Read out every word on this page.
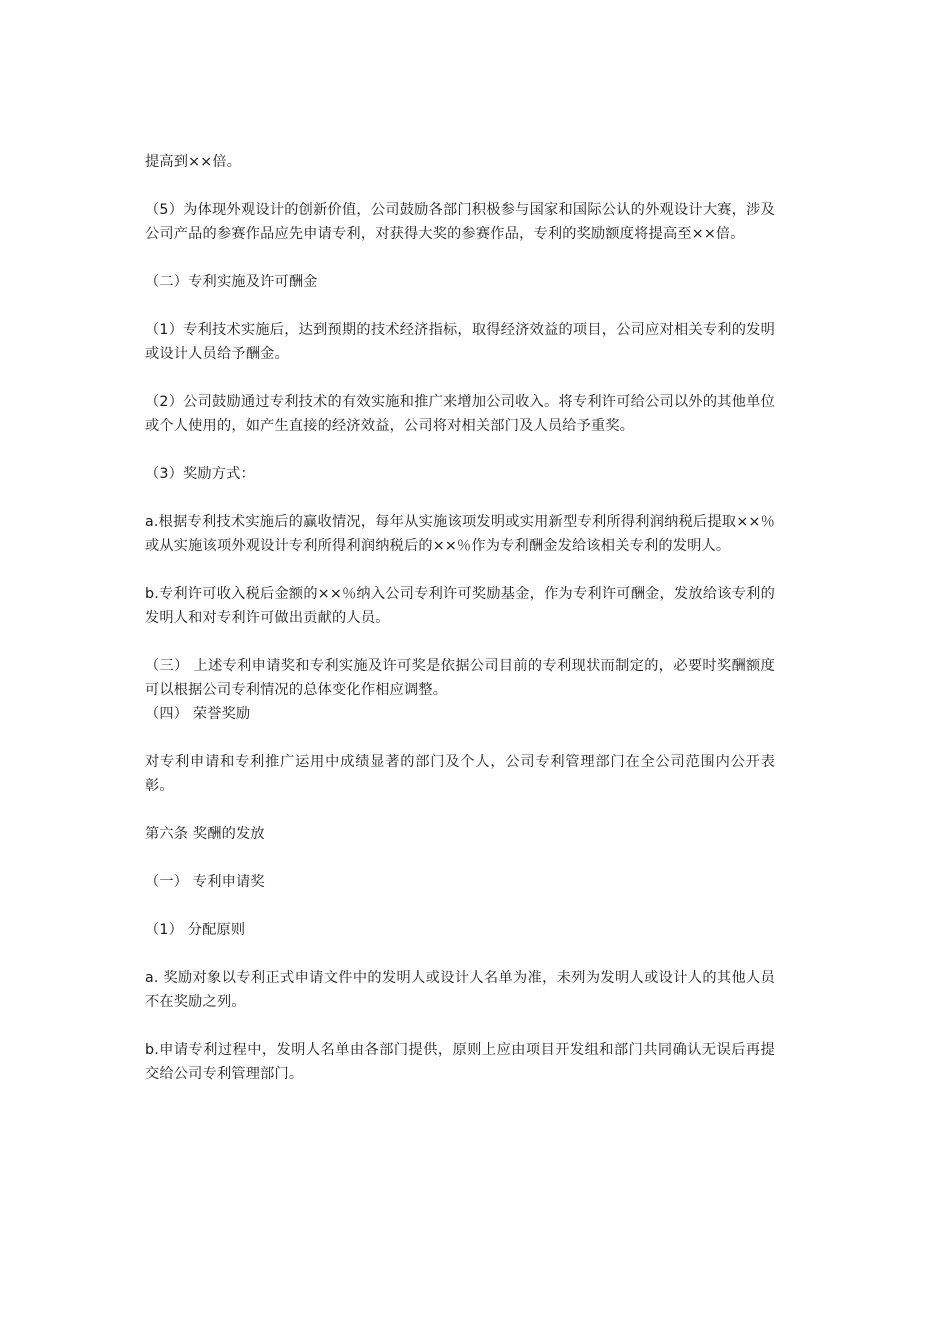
提高到××倍。

（5）为体现外观设计的创新价值，公司鼓励各部门积极参与国家和国际公认的外观设计大赛，涉及公司产品的参赛作品应先申请专利，对获得大奖的参赛作品，专利的奖励额度将提高至××倍。

（二）专利实施及许可酬金

（1）专利技术实施后，达到预期的技术经济指标，取得经济效益的项目，公司应对相关专利的发明或设计人员给予酬金。

（2）公司鼓励通过专利技术的有效实施和推广来增加公司收入。将专利许可给公司以外的其他单位或个人使用的，如产生直接的经济效益，公司将对相关部门及人员给予重奖。

（3）奖励方式：

a.根据专利技术实施后的赢收情况，每年从实施该项发明或实用新型专利所得利润纳税后提取××％或从实施该项外观设计专利所得利润纳税后的××％作为专利酬金发给该相关专利的发明人。

b.专利许可收入税后金额的××％纳入公司专利许可奖励基金，作为专利许可酬金，发放给该专利的发明人和对专利许可做出贡献的人员。

（三） 上述专利申请奖和专利实施及许可奖是依据公司目前的专利现状而制定的，必要时奖酬额度可以根据公司专利情况的总体变化作相应调整。

（四） 荣誉奖励

对专利申请和专利推广运用中成绩显著的部门及个人，公司专利管理部门在全公司范围内公开表彰。

第六条 奖酬的发放

（一） 专利申请奖

（1） 分配原则

a. 奖励对象以专利正式申请文件中的发明人或设计人名单为准，未列为发明人或设计人的其他人员不在奖励之列。

b.申请专利过程中，发明人名单由各部门提供，原则上应由项目开发组和部门共同确认无误后再提交给公司专利管理部门。
